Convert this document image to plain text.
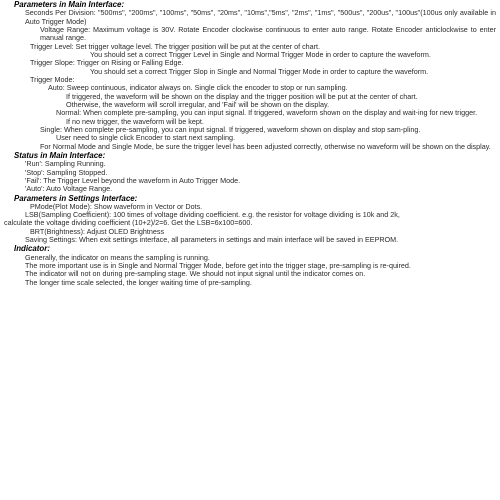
Parameters in Main Interface:

Seconds Per Division: "500ms", "200ms", "100ms", "50ms", "20ms", "10ms","5ms", "2ms", "1ms", "500us", "200us", "100us"(100us only available in Auto Trigger Mode)

Voltage Range: Maximum voltage is 30V. Rotate Encoder clockwise continuous to enter auto range. Rotate Encoder anticlockwise to enter manual range.

Trigger Level: Set trigger voltage level. The trigger position will be put at the center of chart.

You should set a correct Trigger Level in Single and Normal Trigger Mode in order to capture the waveform.

Trigger Slope: Trigger on Rising or Falling Edge.

You should set a correct Trigger Slop in Single and Normal Trigger Mode in order to capture the waveform.

Trigger Mode:

Auto: Sweep continuous, indicator always on. Single click the encoder to stop or run sampling.

If triggered, the waveform will be shown on the display and the trigger position will be put at the center of chart.

Otherwise, the waveform will scroll irregular, and 'Fail' will be shown on the display.

Normal: When complete pre-sampling, you can input signal. If triggered, waveform shown on the display and wait-ing for new trigger.

If no new trigger, the waveform will be kept.

Single: When complete pre-sampling, you can input signal. If triggered, waveform shown on display and stop sam-pling.

User need to single click Encoder to start next sampling.

For Normal Mode and Single Mode, be sure the trigger level has been adjusted correctly, otherwise no waveform will be shown on the display.

Status in Main Interface:

'Run': Sampling Running.

'Stop': Sampling Stopped.

'Fail': The Trigger Level beyond the waveform in Auto Trigger Mode.

'Auto': Auto Voltage Range.

Parameters in Settings Interface:

PMode(Plot Mode): Show waveform in Vector or Dots.

LSB(Sampling Coefficient): 100 times of voltage dividing coefficient. e.g. the resistor for voltage dividing is 10k and 2k,

calculate the voltage dividing coefficient (10+2)/2=6. Get the LSB=6x100=600.

BRT(Brightness): Adjust OLED Brightness

Saving Settings: When exit settings interface, all parameters in settings and main interface will be saved in EEPROM.

Indicator:

Generally, the indicator on means the sampling is running.

The more important use is in Single and Normal Trigger Mode, before get into the trigger stage, pre-sampling is re-quired.

The indicator will not on during pre-sampling stage. We should not input signal until the indicator comes on.

The longer time scale selected, the longer waiting time of pre-sampling.
